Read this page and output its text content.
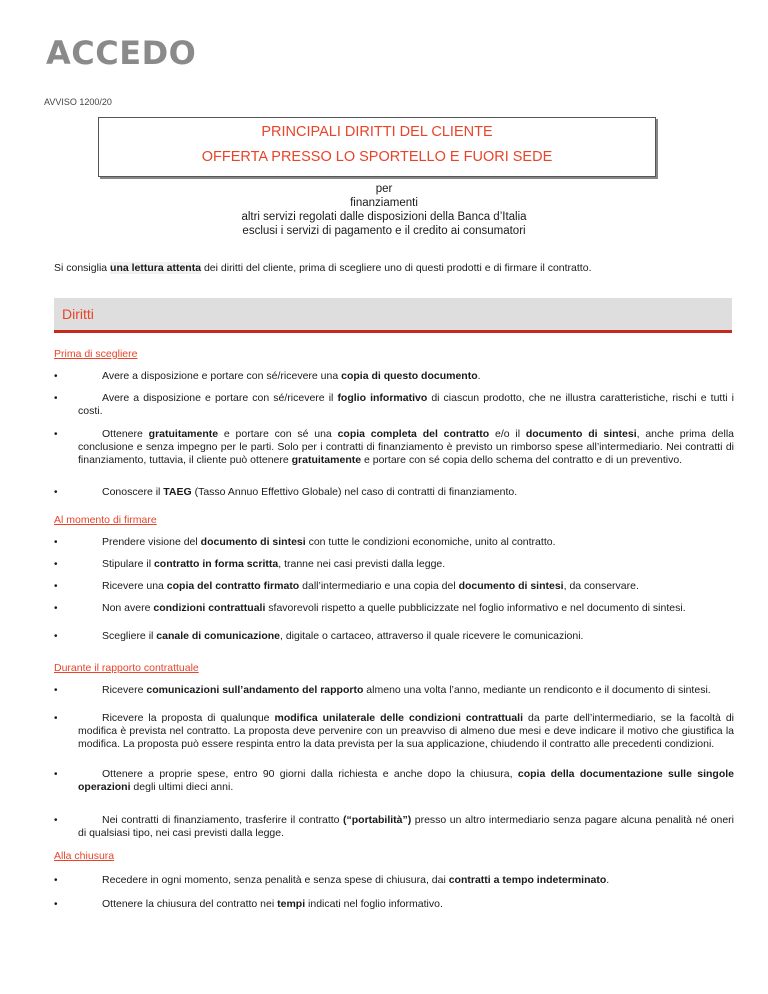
ACCEDO
AVVISO 1200/20
PRINCIPALI DIRITTI DEL CLIENTE
OFFERTA PRESSO LO SPORTELLO E FUORI SEDE
per
finanziamenti
altri servizi regolati dalle disposizioni della Banca d’Italia
esclusi i servizi di pagamento e il credito ai consumatori
Si consiglia una lettura attenta dei diritti del cliente, prima di scegliere uno di questi prodotti e di firmare il contratto.
Diritti
Prima di scegliere
•	Avere a disposizione e portare con sé/ricevere una copia di questo documento.
•	Avere a disposizione e portare con sé/ricevere il foglio informativo di ciascun prodotto, che ne illustra caratteristiche, rischi e tutti i costi.
•	Ottenere gratuitamente e portare con sé una copia completa del contratto e/o il documento di sintesi, anche prima della conclusione e senza impegno per le parti. Solo per i contratti di finanziamento è previsto un rimborso spese all’intermediario. Nei contratti di finanziamento, tuttavia, il cliente può ottenere gratuitamente e portare con sé copia dello schema del contratto e di un preventivo.
•	Conoscere il TAEG (Tasso Annuo Effettivo Globale) nel caso di contratti di finanziamento.
Al momento di firmare
•	Prendere visione del documento di sintesi con tutte le condizioni economiche, unito al contratto.
•	Stipulare il contratto in forma scritta, tranne nei casi previsti dalla legge.
•	Ricevere una copia del contratto firmato dall’intermediario e una copia del documento di sintesi, da conservare.
•	Non avere condizioni contrattuali sfavorevoli rispetto a quelle pubblicizzate nel foglio informativo e nel documento di sintesi.
•	Scegliere il canale di comunicazione, digitale o cartaceo, attraverso il quale ricevere le comunicazioni.
Durante il rapporto contrattuale
•	Ricevere comunicazioni sull’andamento del rapporto almeno una volta l’anno, mediante un rendiconto e il documento di sintesi.
•	Ricevere la proposta di qualunque modifica unilaterale delle condizioni contrattuali da parte dell’intermediario, se la facoltà di modifica è prevista nel contratto. La proposta deve pervenire con un preavviso di almeno due mesi e deve indicare il motivo che giustifica la modifica. La proposta può essere respinta entro la data prevista per la sua applicazione, chiudendo il contratto alle precedenti condizioni.
•	Ottenere a proprie spese, entro 90 giorni dalla richiesta e anche dopo la chiusura, copia della documentazione sulle singole operazioni degli ultimi dieci anni.
•	Nei contratti di finanziamento, trasferire il contratto (“portabilità”) presso un altro intermediario senza pagare alcuna penalità né oneri di qualsiasi tipo, nei casi previsti dalla legge.
Alla chiusura
•	Recedere in ogni momento, senza penalità e senza spese di chiusura, dai contratti a tempo indeterminato.
•	Ottenere la chiusura del contratto nei tempi indicati nel foglio informativo.
